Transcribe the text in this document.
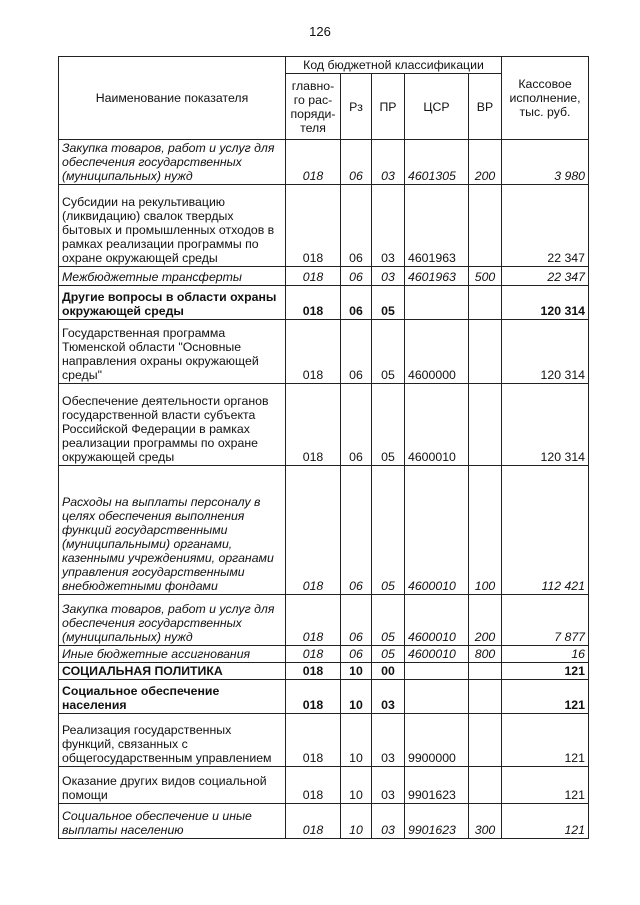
126
Наименование показателя	Код бюджетной классификации					Кассовое исполнение, тыс. руб.
	главно-го рас-поряди-теля	Рз	ПР	ЦСР	ВР	
Закупка товаров, работ и услуг для обеспечения государственных (муниципальных) нужд	018	06	03	4601305	200	3 980
Субсидии на рекультивацию (ликвидацию) свалок твердых бытовых и промышленных отходов в рамках реализации программы по охране окружающей среды	018	06	03	4601963		22 347
Межбюджетные трансферты	018	06	03	4601963	500	22 347
Другие вопросы в области охраны окружающей среды	018	06	05			120 314
Государственная программа Тюменской области "Основные направления охраны окружающей среды"	018	06	05	4600000		120 314
Обеспечение деятельности органов государственной власти субъекта Российской Федерации в рамках реализации программы по охране окружающей среды	018	06	05	4600010		120 314
Расходы на выплаты персоналу в целях обеспечения выполнения функций государственными (муниципальными) органами, казенными учреждениями, органами управления государственными внебюджетными фондами	018	06	05	4600010	100	112 421
Закупка товаров, работ и услуг для обеспечения государственных (муниципальных) нужд	018	06	05	4600010	200	7 877
Иные бюджетные ассигнования	018	06	05	4600010	800	16
СОЦИАЛЬНАЯ ПОЛИТИКА	018	10	00			121
Социальное обеспечение населения	018	10	03			121
Реализация государственных функций, связанных с общегосударственным управлением	018	10	03	9900000		121
Оказание других видов социальной помощи	018	10	03	9901623		121
Социальное обеспечение и иные выплаты населению	018	10	03	9901623	300	121
